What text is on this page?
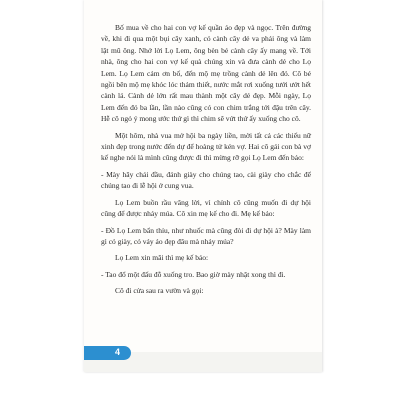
Bố mua về cho hai con vợ kế quần áo đẹp và ngọc. Trên đường về, khi đi qua một bụi cây xanh, có cành cây dẻ va phải ông và làm lật mũ ông. Nhớ lời Lọ Lem, ông bèn bẻ cành cây ấy mang về. Tới nhà, ông cho hai con vợ kế quà chúng xin và đưa cành dẻ cho Lọ Lem. Lọ Lem cảm ơn bố, đến mộ mẹ trồng cành dẻ lên đó. Cô bé ngồi bên mộ mẹ khóc lóc thảm thiết, nước mắt rơi xuống tưới ướt hết cành lá. Cành dẻ lớn rất mau thành một cây dẻ đẹp. Mỗi ngày, Lọ Lem đến đó ba lần, lần nào cũng có con chim trắng tới đậu trên cây. Hễ cô ngỏ ý mong ước thứ gì thì chim sẽ vứt thứ ấy xuống cho cô.

Một hôm, nhà vua mở hội ba ngày liền, mời tất cả các thiếu nữ xinh đẹp trong nước đến dự để hoàng tử kén vợ. Hai cô gái con bà vợ kế nghe nói là mình cũng được đi thì mừng rỡ gọi Lọ Lem đến bảo:

- Mày hãy chải đầu, đánh giày cho chúng tao, cài giày cho chắc để chúng tao đi lễ hội ở cung vua.

Lọ Lem buồn rầu vâng lời, vì chính cô cũng muốn đi dự hội cũng để được nhảy múa. Cô xin mẹ kế cho đi. Mẹ kế bảo:

- Đồ Lọ Lem bẩn thỉu, như nhuốc mà cũng đòi đi dự hội à? Mày làm gì có giày, có váy áo đẹp đâu mà nhảy múa?

Lọ Lem xin mãi thì mẹ kế bảo:

- Tao đổ một đấu đỗ xuống tro. Bao giờ mày nhặt xong thì đi.

Cô đi cửa sau ra vườn và gọi:

4
